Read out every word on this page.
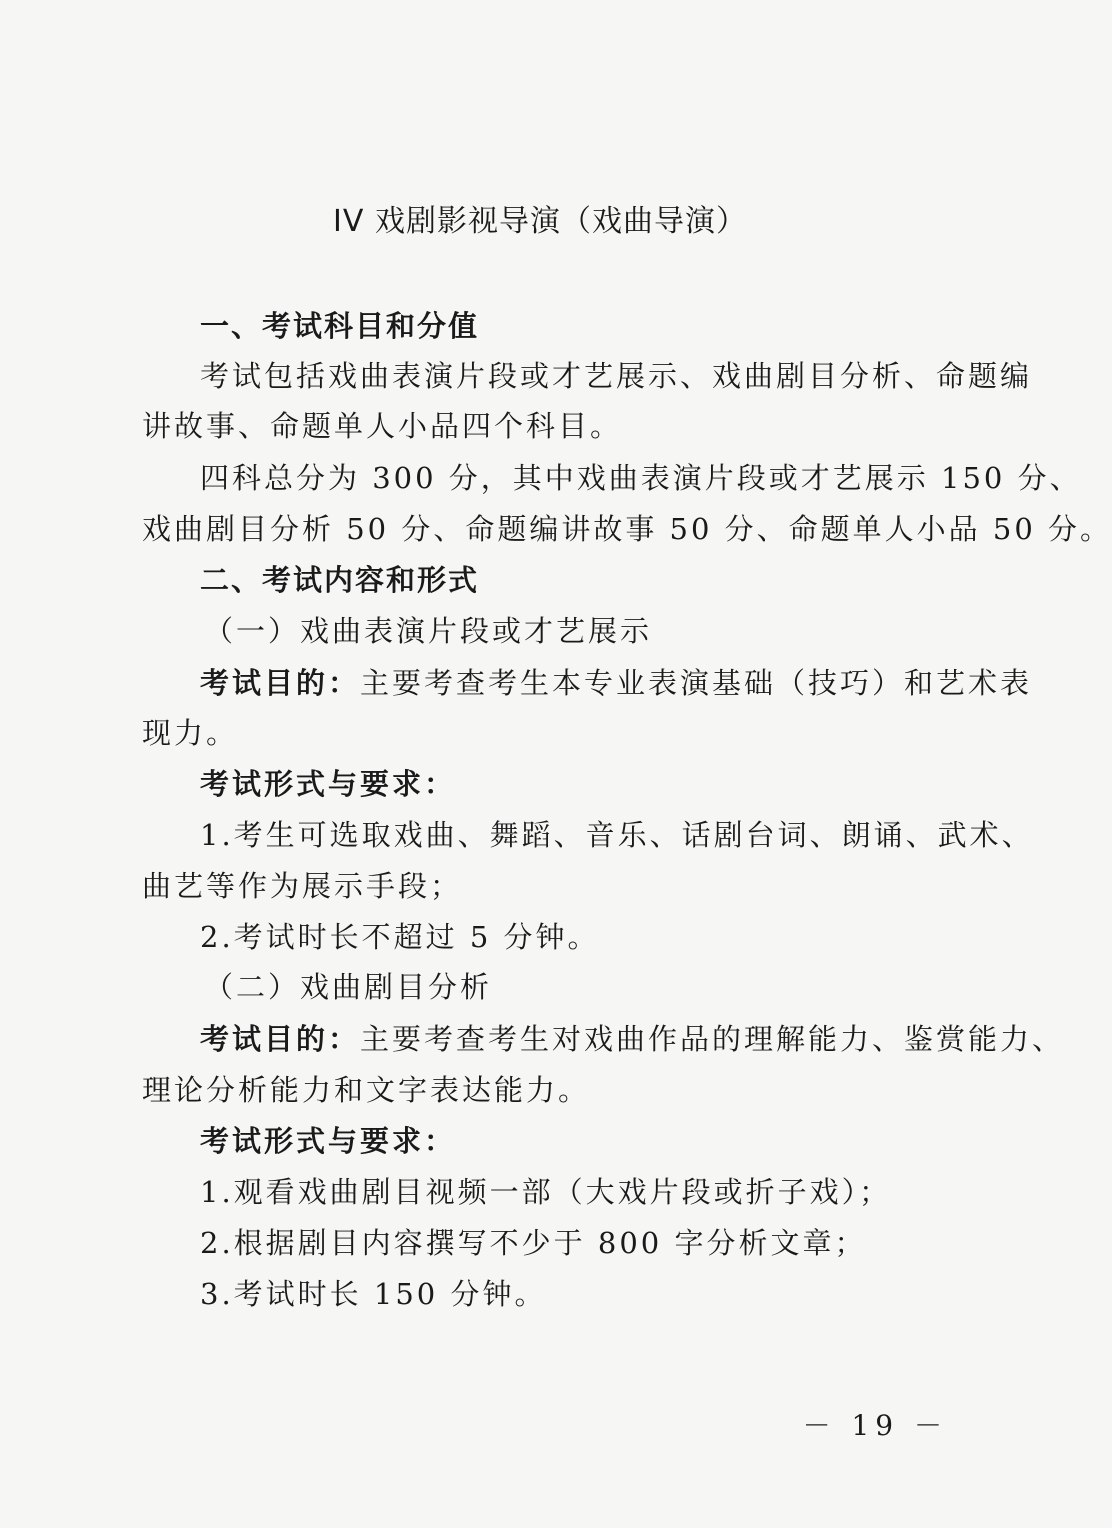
IV 戏剧影视导演（戏曲导演）
一、考试科目和分值
考试包括戏曲表演片段或才艺展示、戏曲剧目分析、命题编
讲故事、命题单人小品四个科目。
四科总分为 300 分，其中戏曲表演片段或才艺展示 150 分、
戏曲剧目分析 50 分、命题编讲故事 50 分、命题单人小品 50 分。
二、考试内容和形式
（一）戏曲表演片段或才艺展示
考试目的：主要考查考生本专业表演基础（技巧）和艺术表
现力。
考试形式与要求：
1.考生可选取戏曲、舞蹈、音乐、话剧台词、朗诵、武术、
曲艺等作为展示手段；
2.考试时长不超过 5 分钟。
（二）戏曲剧目分析
考试目的：主要考查考生对戏曲作品的理解能力、鉴赏能力、
理论分析能力和文字表达能力。
考试形式与要求：
1.观看戏曲剧目视频一部（大戏片段或折子戏）；
2.根据剧目内容撰写不少于 800 字分析文章；
3.考试时长 150 分钟。
－ 19 －
